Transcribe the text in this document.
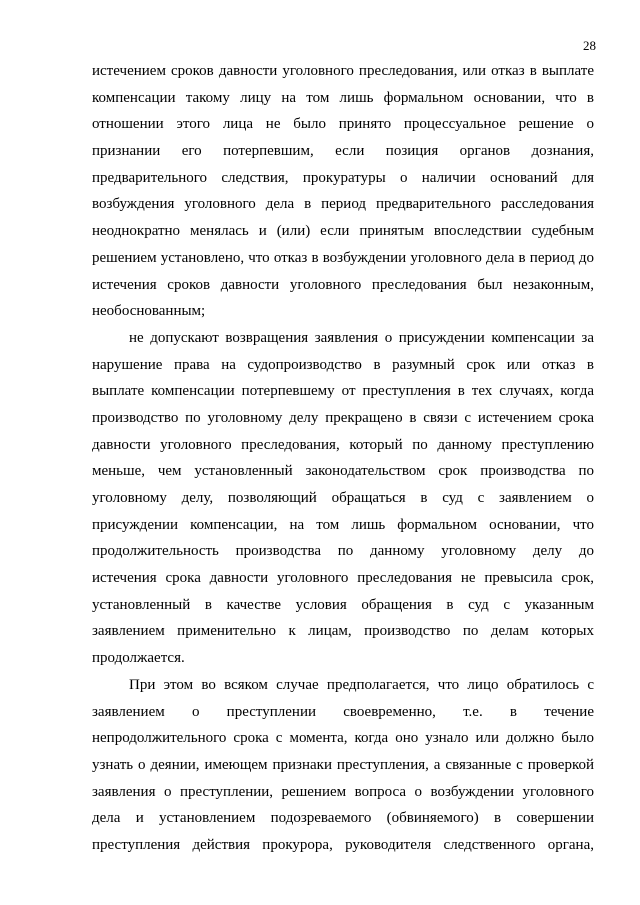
28
истечением сроков давности уголовного преследования, или отказ в выплате
компенсации такому лицу на том лишь формальном основании, что в
отношении этого лица не было принято процессуальное решение о
признании его потерпевшим, если позиция органов дознания,
предварительного следствия, прокуратуры о наличии оснований для
возбуждения уголовного дела в период предварительного расследования
неоднократно менялась и (или) если принятым впоследствии судебным
решением установлено, что отказ в возбуждении уголовного дела в период до
истечения сроков давности уголовного преследования был незаконным,
необоснованным;
не допускают возвращения заявления о присуждении компенсации за
нарушение права на судопроизводство в разумный срок или отказ в
выплате компенсации потерпевшему от преступления в тех случаях, когда
производство по уголовному делу прекращено в связи с истечением срока
давности уголовного преследования, который по данному преступлению
меньше, чем установленный законодательством срок производства по
уголовному делу, позволяющий обращаться в суд с заявлением о
присуждении компенсации, на том лишь формальном основании, что
продолжительность производства по данному уголовному делу до
истечения срока давности уголовного преследования не превысила срок,
установленный в качестве условия обращения в суд с указанным
заявлением применительно к лицам, производство по делам которых
продолжается.
При этом во всяком случае предполагается, что лицо обратилось с
заявлением о преступлении своевременно, т.е. в течение
непродолжительного срока с момента, когда оно узнало или должно было
узнать о деянии, имеющем признаки преступления, а связанные с проверкой
заявления о преступлении, решением вопроса о возбуждении уголовного
дела и установлением подозреваемого (обвиняемого) в совершении
преступления действия прокурора, руководителя следственного органа,
